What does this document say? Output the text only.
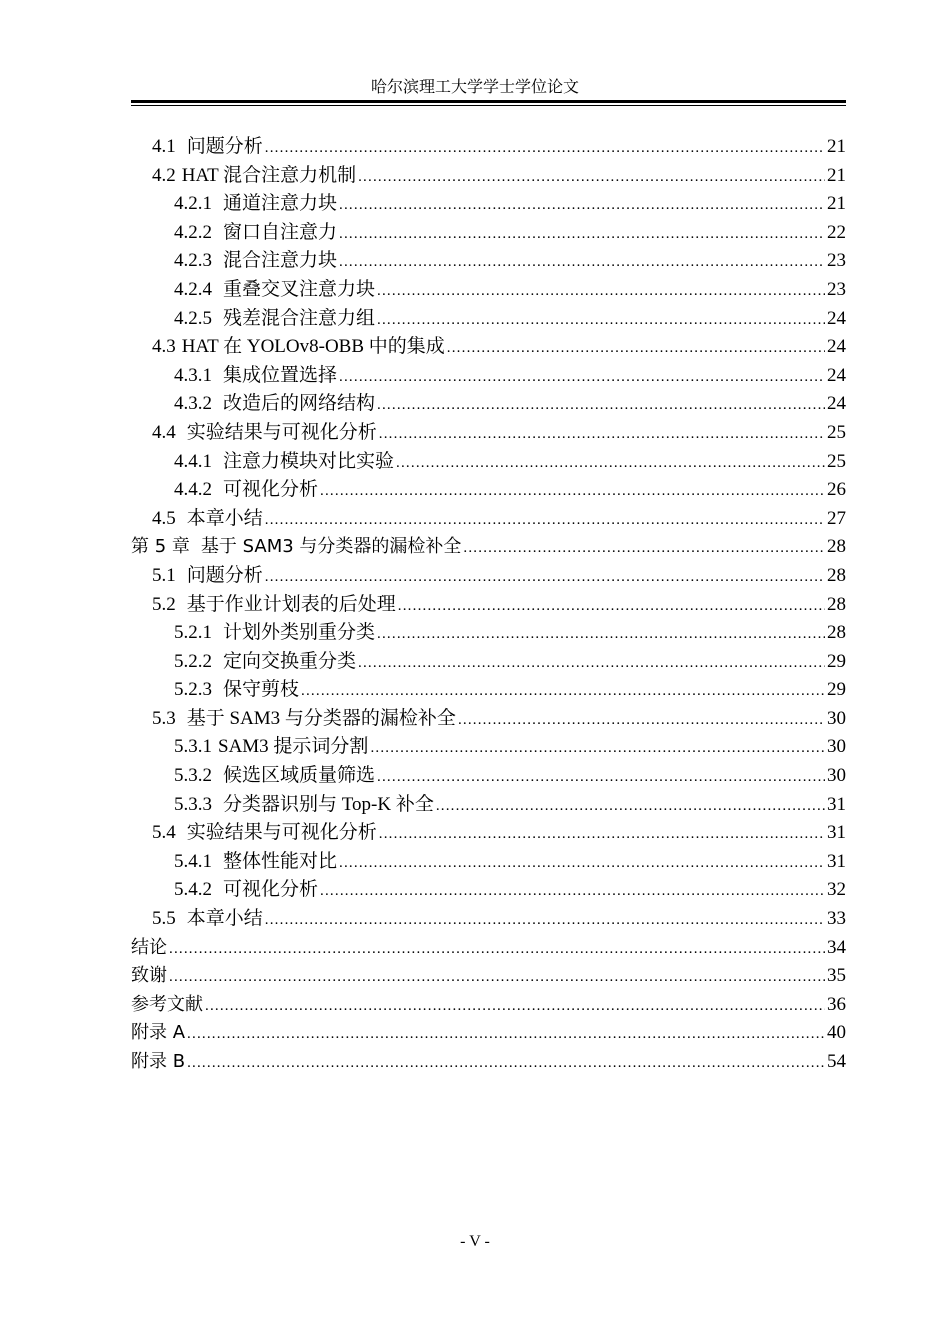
哈尔滨理工大学学士学位论文
4.1 问题分析 .....	21
4.2 HAT 混合注意力机制 .....	21
4.2.1 通道注意力块 .....	21
4.2.2 窗口自注意力 .....	22
4.2.3 混合注意力块 .....	23
4.2.4 重叠交叉注意力块 .....	23
4.2.5 残差混合注意力组 .....	24
4.3 HAT 在 YOLOv8-OBB 中的集成 .....	24
4.3.1 集成位置选择 .....	24
4.3.2 改造后的网络结构 .....	24
4.4 实验结果与可视化分析 .....	25
4.4.1 注意力模块对比实验 .....	25
4.4.2 可视化分析 .....	26
4.5 本章小结 .....	27
第 5 章 基于 SAM3 与分类器的漏检补全 .....	28
5.1 问题分析 .....	28
5.2 基于作业计划表的后处理 .....	28
5.2.1 计划外类别重分类 .....	28
5.2.2 定向交换重分类 .....	29
5.2.3 保守剪枝 .....	29
5.3 基于 SAM3 与分类器的漏检补全 .....	30
5.3.1 SAM3 提示词分割 .....	30
5.3.2 候选区域质量筛选 .....	30
5.3.3 分类器识别与 Top-K 补全 .....	31
5.4 实验结果与可视化分析 .....	31
5.4.1 整体性能对比 .....	31
5.4.2 可视化分析 .....	32
5.5 本章小结 .....	33
结论 .....	34
致谢 .....	35
参考文献 .....	36
附录 A .....	40
附录 B .....	54
- V -
